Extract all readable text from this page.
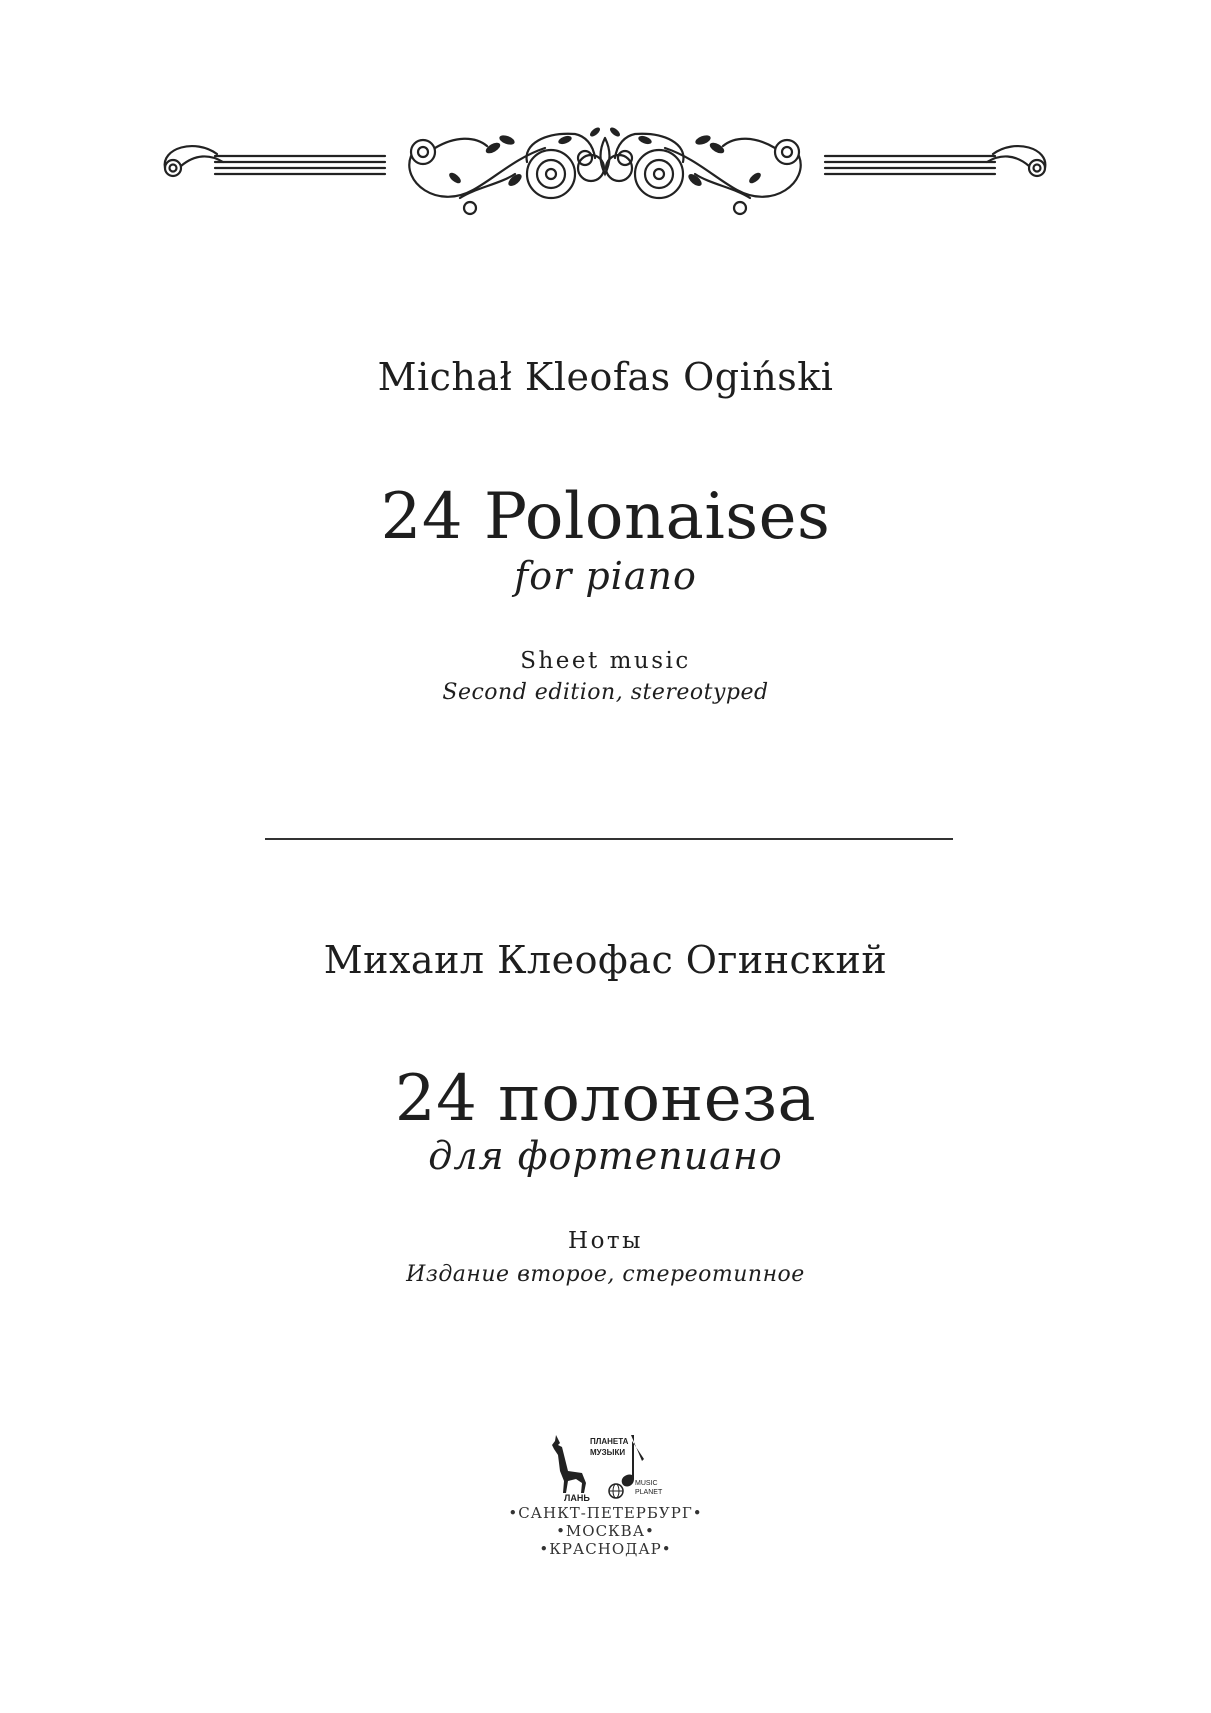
Michał Kleofas Ogiński
24 Polonaises
for piano
Sheet music
Second edition, stereotyped
Михаил Клеофас Огинский
24 полонеза
для фортепиано
Ноты
Издание второе, стереотипное
ЛАНЬ
ПЛАНЕТА
МУЗЫКИ
MUSIC
PLANET
•САНКТ-ПЕТЕРБУРГ•
•МОСКВА•
•КРАСНОДАР•
